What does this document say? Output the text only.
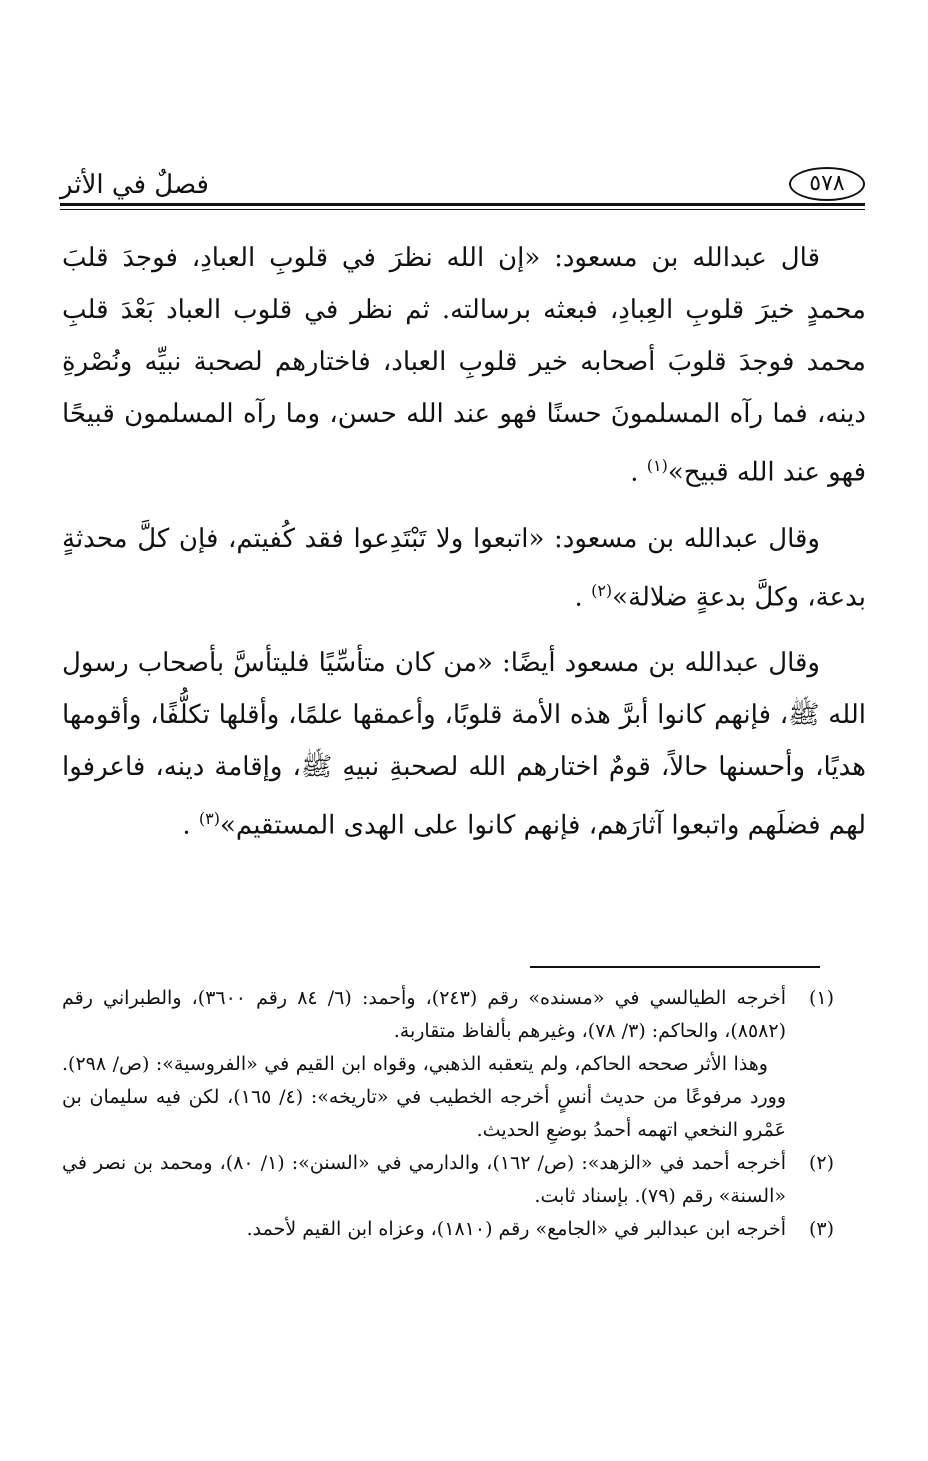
٥٧٨
فصلٌ في الأثر

قال عبدالله بن مسعود: «إن الله نظرَ في قلوبِ العبادِ، فوجدَ قلبَ محمدٍ خيرَ قلوبِ العِبادِ، فبعثه برسالته. ثم نظر في قلوب العباد بَعْدَ قلبِ محمد فوجدَ قلوبَ أصحابه خير قلوبِ العباد، فاختارهم لصحبة نبيِّه ونُصْرةِ دينه، فما رآه المسلمونَ حسنًا فهو عند الله حسن، وما رآه المسلمون قبيحًا فهو عند الله قبيح»$^{(١)}$ .

وقال عبدالله بن مسعود: «اتبعوا ولا تَبْتَدِعوا فقد كُفيتم، فإن كلَّ محدثةٍ بدعة، وكلَّ بدعةٍ ضلالة»$^{(٢)}$ .

وقال عبدالله بن مسعود أيضًا: «من كان متأسِّيًا فليتأسَّ بأصحاب رسول الله ﷺ، فإنهم كانوا أبرَّ هذه الأمة قلوبًا، وأعمقها علمًا، وأقلها تكلُّفًا، وأقومها هديًا، وأحسنها حالاً، قومٌ اختارهم الله لصحبةِ نبيهِ ﷺ، وإقامة دينه، فاعرفوا لهم فضلَهم واتبعوا آثارَهم، فإنهم كانوا على الهدى المستقيم»$^{(٣)}$ .

(١)
أخرجه الطيالسي في «مسنده» رقم (٢٤٣)، وأحمد: (٦/ ٨٤ رقم ٣٦٠٠)، والطبراني رقم (٨٥٨٢)، والحاكم: (٣/ ٧٨)، وغيرهم بألفاظ متقاربة.
وهذا الأثر صححه الحاكم، ولم يتعقبه الذهبي، وقواه ابن القيم في «الفروسية»: (ص/ ٢٩٨). وورد مرفوعًا من حديث أنسٍ أخرجه الخطيب في «تاريخه»: (٤/ ١٦٥)، لكن فيه سليمان بن عَمْرو النخعي اتهمه أحمدُ بوضعِ الحديث.
(٢)
أخرجه أحمد في «الزهد»: (ص/ ١٦٢)، والدارمي في «السنن»: (١/ ٨٠)، ومحمد بن نصر في «السنة» رقم (٧٩). بإسناد ثابت.
(٣)
أخرجه ابن عبدالبر في «الجامع» رقم (١٨١٠)، وعزاه ابن القيم لأحمد.
